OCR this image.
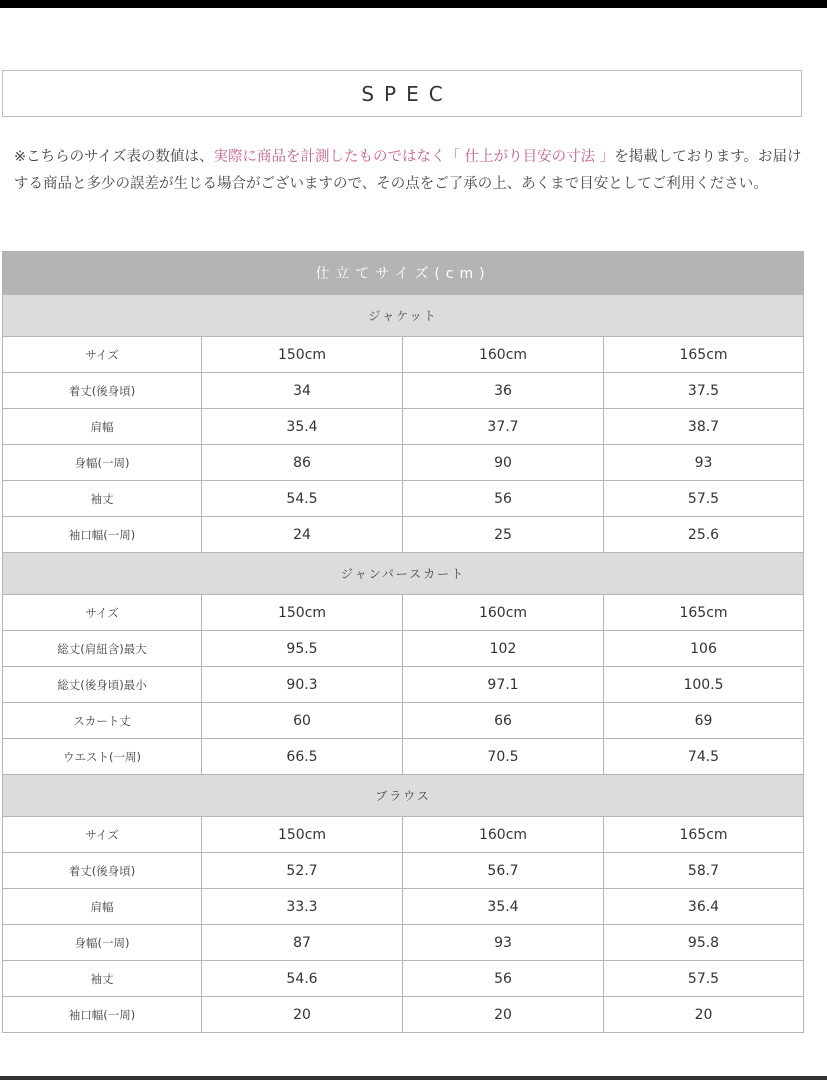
SPEC
※こちらのサイズ表の数値は、実際に商品を計測したものではなく「 仕上がり目安の寸法 」を掲載しております。お届けする商品と多少の誤差が生じる場合がございますので、その点をご了承の上、あくまで目安としてご利用ください。
仕立てサイズ(cm)			
ジャケット			
サイズ	150cm	160cm	165cm
着丈(後身頃)	34	36	37.5
肩幅	35.4	37.7	38.7
身幅(一周)	86	90	93
袖丈	54.5	56	57.5
袖口幅(一周)	24	25	25.6
ジャンパースカート			
サイズ	150cm	160cm	165cm
総丈(肩紐含)最大	95.5	102	106
総丈(後身頃)最小	90.3	97.1	100.5
スカート丈	60	66	69
ウエスト(一周)	66.5	70.5	74.5
ブラウス			
サイズ	150cm	160cm	165cm
着丈(後身頃)	52.7	56.7	58.7
肩幅	33.3	35.4	36.4
身幅(一周)	87	93	95.8
袖丈	54.6	56	57.5
袖口幅(一周)	20	20	20
